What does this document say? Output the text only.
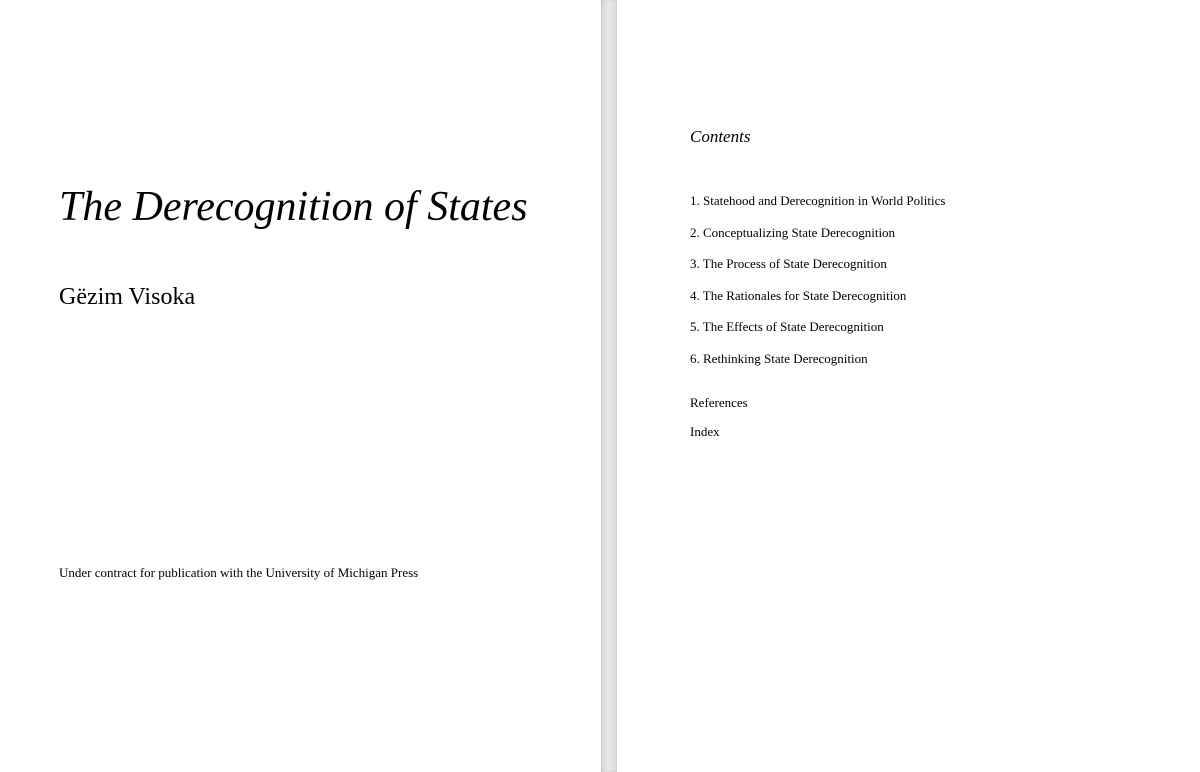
The Derecognition of States

Gëzim Visoka

Under contract for publication with the University of Michigan Press

Contents
1. Statehood and Derecognition in World Politics
2. Conceptualizing State Derecognition
3. The Process of State Derecognition
4. The Rationales for State Derecognition
5. The Effects of State Derecognition
6. Rethinking State Derecognition
References
Index
